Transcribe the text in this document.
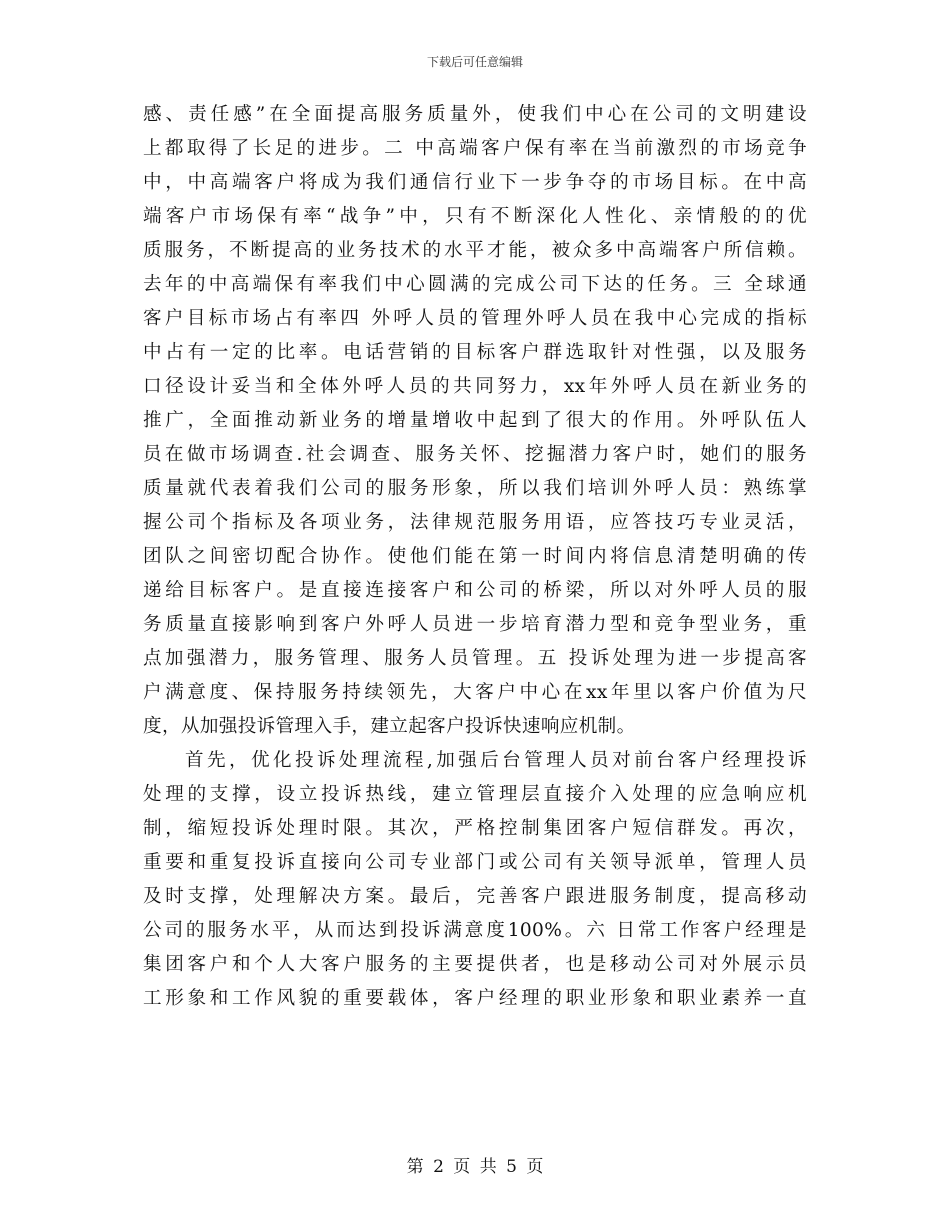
下载后可任意编辑
感、责任感”在全面提高服务质量外，使我们中心在公司的文明建设
上都取得了长足的进步。二 中高端客户保有率在当前激烈的市场竞争
中，中高端客户将成为我们通信行业下一步争夺的市场目标。在中高
端客户市场保有率“战争”中，只有不断深化人性化、亲情般的的优
质服务，不断提高的业务技术的水平才能，被众多中高端客户所信赖。
去年的中高端保有率我们中心圆满的完成公司下达的任务。三 全球通
客户目标市场占有率四 外呼人员的管理外呼人员在我中心完成的指标
中占有一定的比率。电话营销的目标客户群选取针对性强，以及服务
口径设计妥当和全体外呼人员的共同努力，xx年外呼人员在新业务的
推广，全面推动新业务的增量增收中起到了很大的作用。外呼队伍人
员在做市场调查.社会调查、服务关怀、挖掘潜力客户时，她们的服务
质量就代表着我们公司的服务形象，所以我们培训外呼人员：熟练掌
握公司个指标及各项业务，法律规范服务用语，应答技巧专业灵活，
团队之间密切配合协作。使他们能在第一时间内将信息清楚明确的传
递给目标客户。是直接连接客户和公司的桥梁，所以对外呼人员的服
务质量直接影响到客户外呼人员进一步培育潜力型和竞争型业务，重
点加强潜力，服务管理、服务人员管理。五 投诉处理为进一步提高客
户满意度、保持服务持续领先，大客户中心在xx年里以客户价值为尺
度，从加强投诉管理入手，建立起客户投诉快速响应机制。
首先，优化投诉处理流程,加强后台管理人员对前台客户经理投诉
处理的支撑，设立投诉热线，建立管理层直接介入处理的应急响应机
制，缩短投诉处理时限。其次，严格控制集团客户短信群发。再次，
重要和重复投诉直接向公司专业部门或公司有关领导派单，管理人员
及时支撑，处理解决方案。最后，完善客户跟进服务制度，提高移动
公司的服务水平，从而达到投诉满意度100%。六 日常工作客户经理是
集团客户和个人大客户服务的主要提供者，也是移动公司对外展示员
工形象和工作风貌的重要载体，客户经理的职业形象和职业素养一直
第 2 页 共 5 页
